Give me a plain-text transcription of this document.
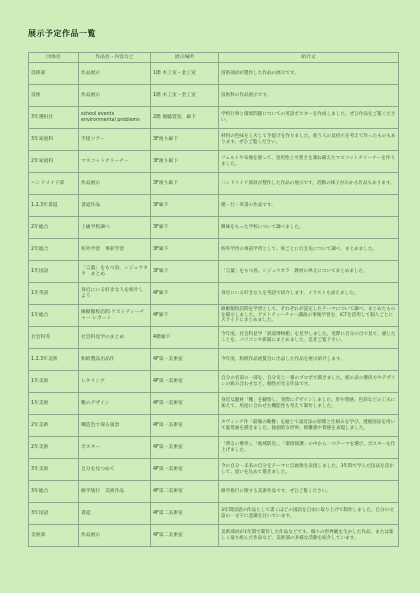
展示予定作品一覧
団体名	作品名・内容など	展示場所	紹介文
技術部	作品展示	1階 木工室・金工室	技術部員が製作した作品の展示です。
技術	作品展示	1階 木工室・金工室	技術科の作品展示です。
3年選択社	school events environmental problems	2階 視聴覚室、廊下	学校行事と環境問題についての英語ポスターを作成しました。ぜひ作品をご覧ください。
3年家庭科	手提ツアー	3F渡り廊下	材料の色味を工夫して手提げを作りました。使う人の気持ちを考えて作ったものもあります。ぜひご覧ください。
2年家庭科	マスコットクリーナー	3F渡り廊下	フェルトや布地を使って、実用性と可愛さを兼ね備えたマスコットクリーナーを作りました。
ハンドメイド部	作品展示	3F渡り廊下	ハンドメイド部員が製作した作品の展示です。活動の様子がわかる作品もあります。
1.2.3年書道	書道作品	3F廊下	楷・行・草書の作品です。
2年総合	上級学校調べ	3F廊下	興味をもった学校について調べました。
2年総合	校外学習　事前学習	3F廊下	校外学習の事前学習として、班ごとに行き先について調べ、まとめました。
1年国語	「言葉」をもつ鳥、シジュウカラ　まとめ	3F廊下	「言葉」をもつ鳥、シジュウカラ　教材の単元についてまとめました。
1年英語	身近にいる好きな人を紹介しよう	4F廊下	身近にいる好きな人を英語で紹介します。イラストも添えました。
1年総合	修猷館校訪問 ゲストティーチャー レポート	4F廊下	修猷館校訪問を学習として、それぞれが設定したテーマについて調べ、まとめたものを掲示しました。ゲストティーチャー講演の事後学習を、ICTを活用して個人ごとにスライドにまとめました。
社会科等	社会科見学のまとめ	4階廊下	今年度、社会科見学「鉄道博物館」を見学しました。実際に自分の目で見て、感じたことを、パソコンや新聞にまとめました。是非ご覧下さい。
1.2.3年美術	和紙製品出品作	4F第一美術室	今年度、和紙作品展覧会に出品した作品を展示紹介します。
1年美術	レタリング	4F第一美術室	自分の名前の一部を、自分史上一番のプロボで描きました。紙の表の選択方やデザインの組み合わせなど、個性が光る作品です。
1年美術	靴のデザイン	4F第一美術室	身近な題材「靴」を観察し、実際にデザインしました。形や質感、色彩などの工夫に加えて、用途に合わせた機能性も考えて制作しました。
2年美術	構造色で探る風景	4F第一美術室	タヴィンチ作「最後の晩餐」を通じて遠近法の原理と仕組みを学び、透視図法を用いて風景画を描きました。独創的な世界、距離感や質感を表現しました。
2年美術	ポスター	4F第一美術室	「明るい選挙」、「地域防災」、「環境保護」の中から一つテーマを選び、ポスターを仕上げました。
3年美術	自分を見つめて	4F第一美術室	今の自分・未来の自分をテーマに自画像を表現しました。3年間で学んだ技法を活かして、思いを込めて描きました。
3年総合	修学旅行　美術作品	4F第二美術室	修学旅行に関する美術作品です。ぜひご覧ください。
3年国語	書道	4F第二美術室	3年間国語の作品として書くほどの国語を自由に取り上げて制作しました。自分の文語の一文字に意識を注いでいます。
美術部	作品展示	4F第二美術室	美術部員が1年間で制作した作品などです。個々の世界観を生かした作品、または楽しく取り組んだ作品など、美術部の多様な活動を紹介しています。
